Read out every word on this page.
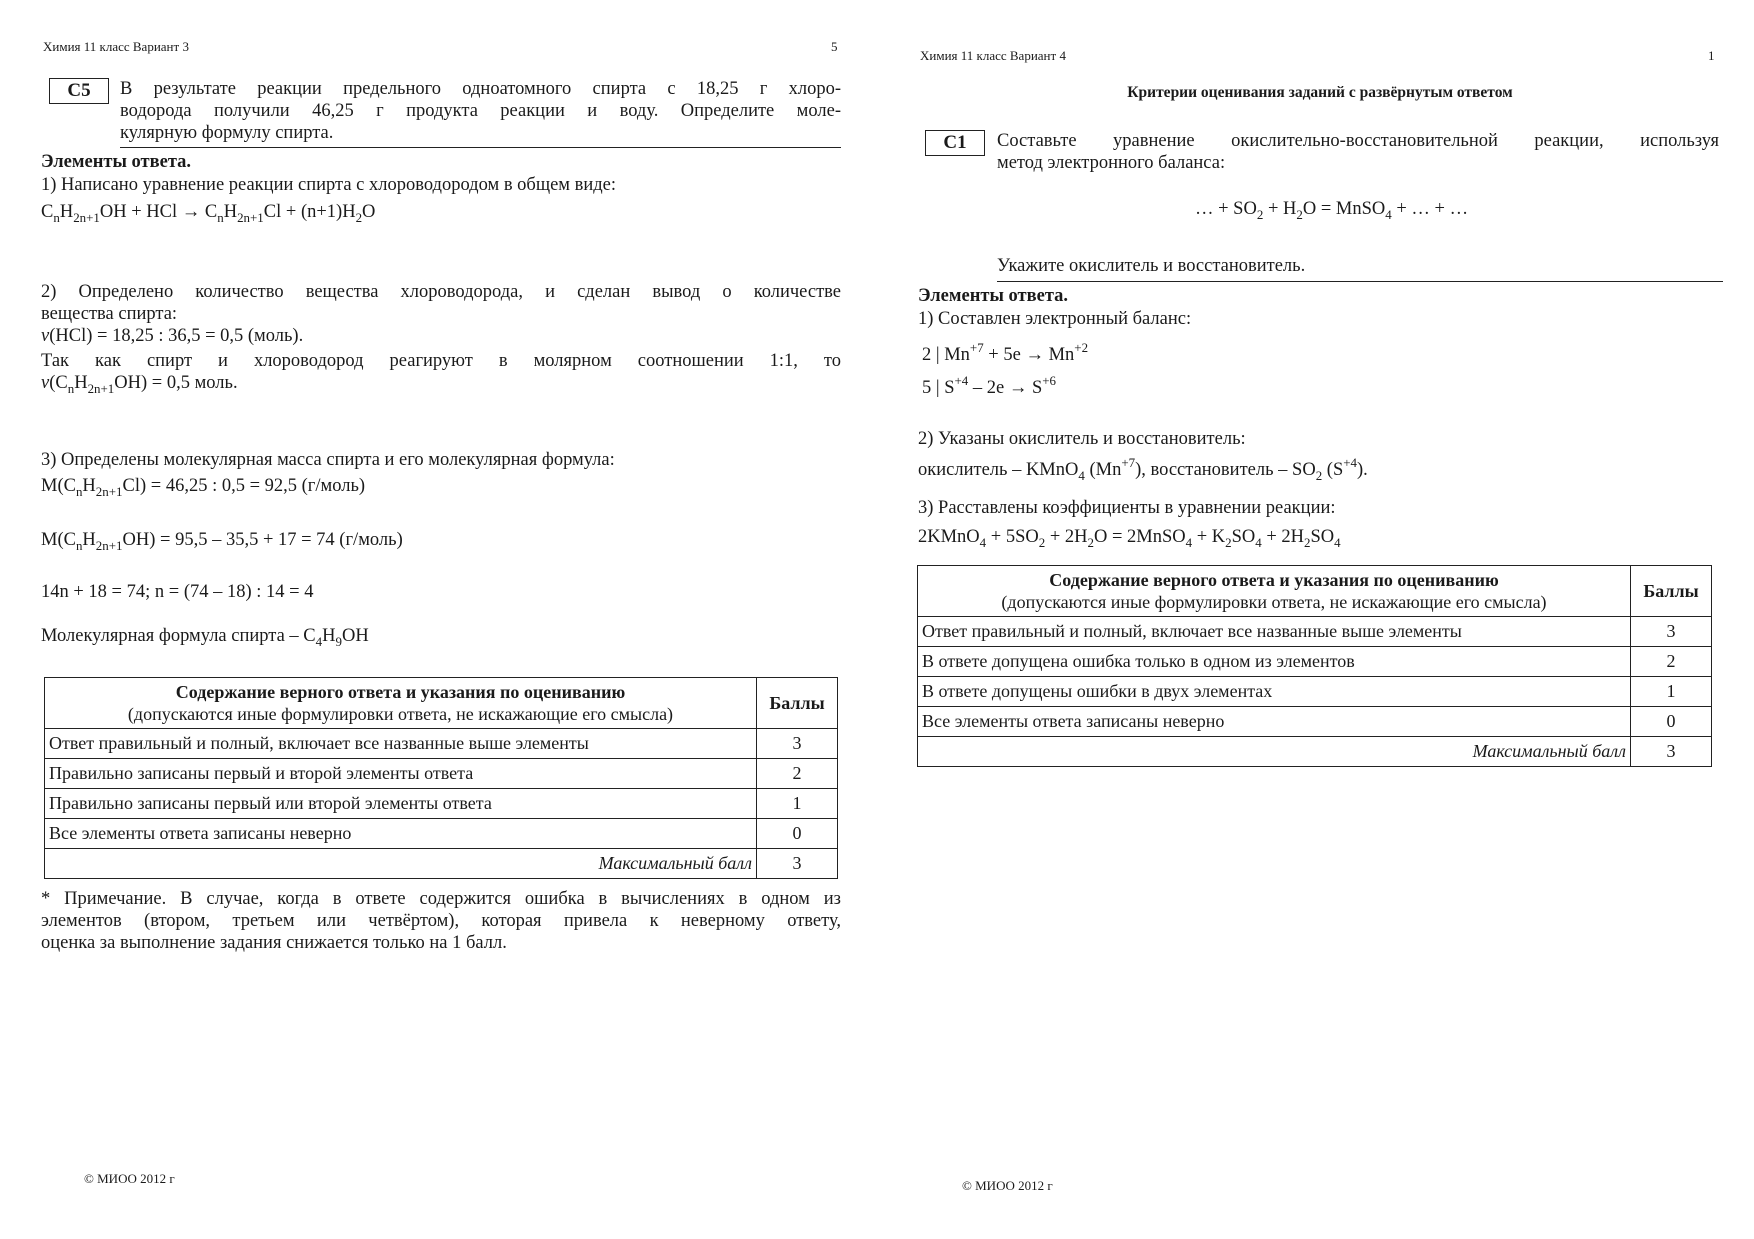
Химия 11 класс Вариант 3	5
C5	В результате реакции предельного одноатомного спирта с 18,25 г хлоро-
водорода получили 46,25 г продукта реакции и воду. Определите моле-
кулярную формулу спирта.
Элементы ответа.
1) Написано уравнение реакции спирта с хлороводородом в общем виде:
$C_nH_{2n+1}OH$ + HCl → $C_nH_{2n+1}Cl + (n+1)H_2O$
2) Определено количество вещества хлороводорода, и сделан вывод о количестве
вещества спирта:
ν(HCl) = 18,25 : 36,5 = 0,5 (моль).
Так как спирт и хлороводород реагируют в молярном соотношении 1:1, то
$\nu(C_nH_{2n+1}OH) = 0,5$ моль.
3) Определены молекулярная масса спирта и его молекулярная формула:
$M(C_nH_{2n+1}Cl) = 46,25$ : 0,5 = 92,5 (г/моль)
$M(C_nH_{2n+1}OH) = 95,5 - 35,5 + 17 = 74$ (г/моль)
14n + 18 = 74; n = (74 – 18) : 14 = 4
Молекулярная формула спирта – $C_4H_9OH$
Содержание верного ответа и указания по оцениванию
(допускаются иные формулировки ответа, не искажающие его смысла)	Баллы
Ответ правильный и полный, включает все названные выше элементы	3
Правильно записаны первый и второй элементы ответа	2
Правильно записаны первый или второй элементы ответа	1
Все элементы ответа записаны неверно	0
Максимальный балл	3
* Примечание. В случае, когда в ответе содержится ошибка в вычислениях в одном из
элементов (втором, третьем или четвёртом), которая привела к неверному ответу,
оценка за выполнение задания снижается только на 1 балл.
© МИОО 2012 г
Химия 11 класс Вариант 4	1
Критерии оценивания заданий с развёрнутым ответом
C1	Составьте уравнение окислительно-восстановительной реакции, используя
метод электронного баланса:
… + $SO_2 + H_2O$ = MnSO$_4$ + … + …
Укажите окислитель и восстановитель.
Элементы ответа.
1) Составлен электронный баланс:
2 | $Mn^{+7} + 5e \to Mn^{+2}$
5 | $S^{+4} - 2e \to S^{+6}$
2) Указаны окислитель и восстановитель:
окислитель – KMnO$_4$ $(Mn^{+7})$, восстановитель – $SO_2$ $(S^{+4})$.
3) Расставлены коэффициенты в уравнении реакции:
2KMnO$_4$ + $5SO_2 + 2H_2O$ = 2MnSO$_4$ + $K_2SO_4 + 2H_2SO_4$
Содержание верного ответа и указания по оцениванию
(допускаются иные формулировки ответа, не искажающие его смысла)	Баллы
Ответ правильный и полный, включает все названные выше элементы	3
В ответе допущена ошибка только в одном из элементов	2
В ответе допущены ошибки в двух элементах	1
Все элементы ответа записаны неверно	0
Максимальный балл	3
© МИОО 2012 г
